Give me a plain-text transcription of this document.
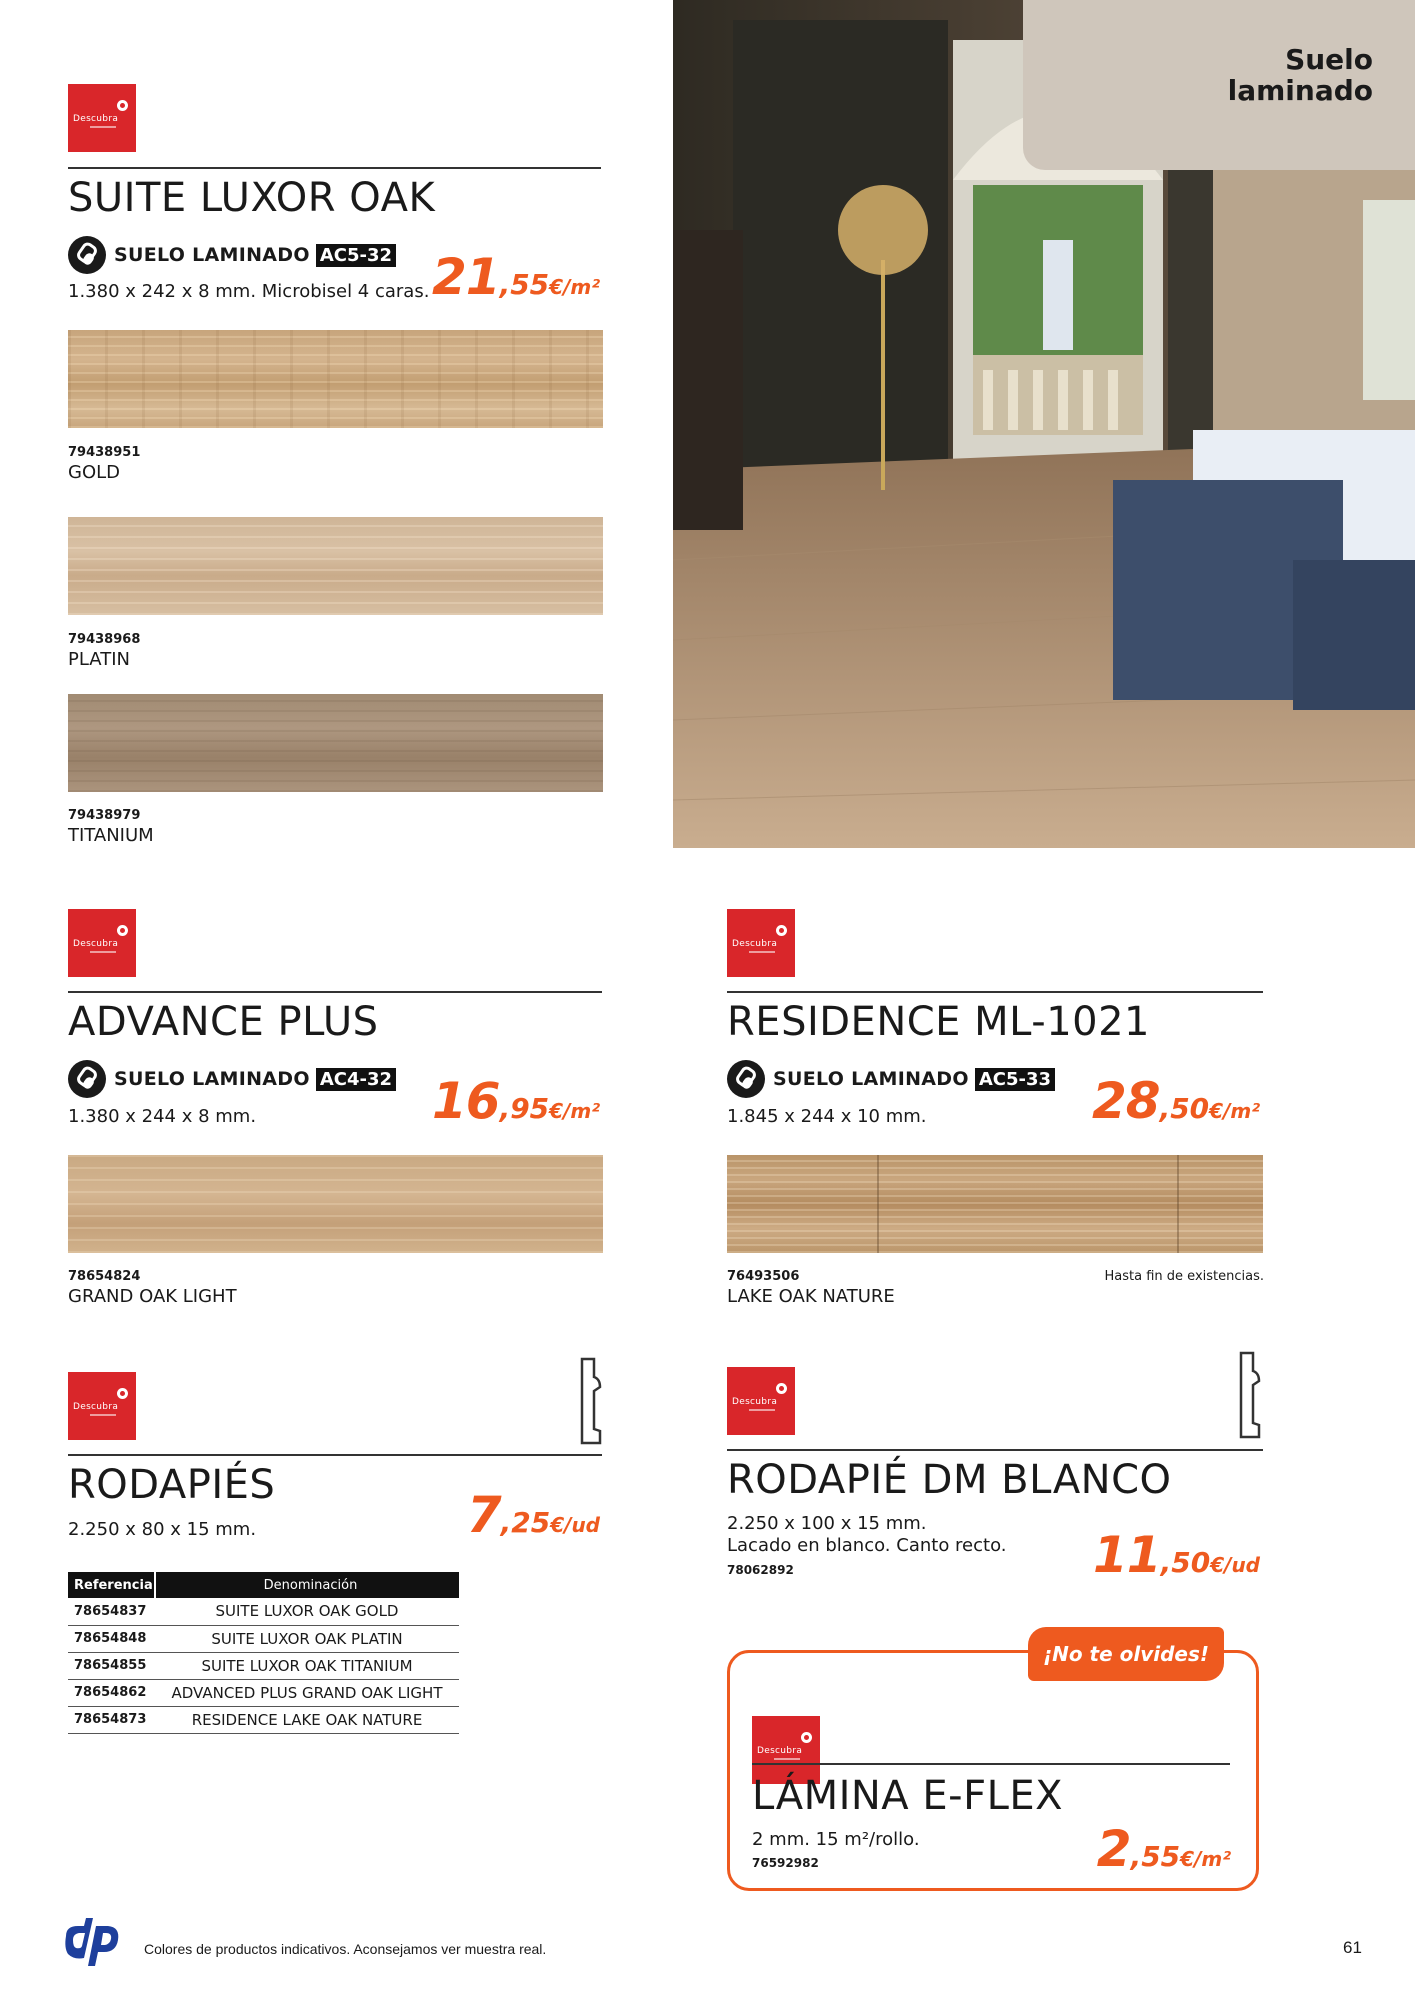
Suelo
laminado
Descubra
SUITE LUXOR OAK
SUELO LAMINADO AC5-32
1.380 x 242 x 8 mm. Microbisel 4 caras. 21,55€/m²
79438951
GOLD
79438968
PLATIN
79438979
TITANIUM
Descubra
ADVANCE PLUS
SUELO LAMINADO AC4-32
1.380 x 244 x 8 mm.	16,95€/m²
78654824
GRAND OAK LIGHT
Descubra
RESIDENCE ML-1021
SUELO LAMINADO AC5-33
1.845 x 244 x 10 mm.	28,50€/m²
76493506
LAKE OAK NATURE
Hasta fin de existencias.
Descubra
RODAPIÉS
2.250 x 80 x 15 mm.	7,25€/ud
Referencia	Denominación
78654837	SUITE LUXOR OAK GOLD
78654848	SUITE LUXOR OAK PLATIN
78654855	SUITE LUXOR OAK TITANIUM
78654862	ADVANCED PLUS GRAND OAK LIGHT
78654873	RESIDENCE LAKE OAK NATURE
Descubra
RODAPIÉ DM BLANCO
2.250 x 100 x 15 mm.
Lacado en blanco. Canto recto.
78062892	11,50€/ud
¡No te olvides!
Descubra
LÁMINA E-FLEX
2 mm. 15 m²/rollo.
76592982	2,55€/m²
Colores de productos indicativos. Aconsejamos ver muestra real.	61
